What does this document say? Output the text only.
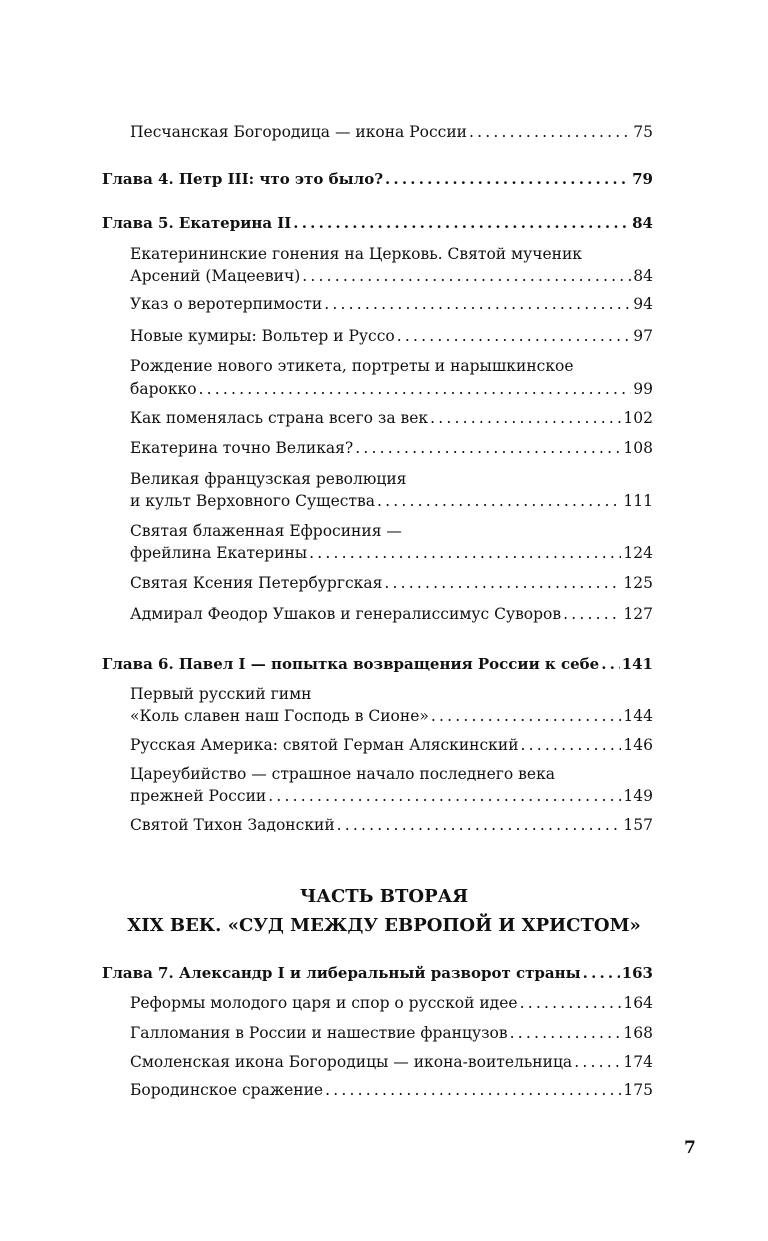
Песчанская Богородица — икона России .....	75
Глава 4. Петр III: что это было? .....	79
Глава 5. Екатерина II .....	84
Екатерининские гонения на Церковь. Святой мученик
Арсений (Мацеевич) .....	84
Указ о веротерпимости .....	94
Новые кумиры: Вольтер и Руссо .....	97
Рождение нового этикета, портреты и нарышкинское
барокко .....	99
Как поменялась страна всего за век .....	102
Екатерина точно Великая? .....	108
Великая французская революция
и культ Верховного Существа .....	111
Святая блаженная Ефросиния —
фрейлина Екатерины .....	124
Святая Ксения Петербургская .....	125
Адмирал Феодор Ушаков и генералиссимус Суворов .....	127
Глава 6. Павел I — попытка возвращения России к себе ..... 141
Первый русский гимн
«Коль славен наш Господь в Сионе» .....	144
Русская Америка: святой Герман Аляскинский .....	146
Цареубийство — страшное начало последнего века
прежней России .....	149
Святой Тихон Задонский .....	157
Глава 7. Александр I и либеральный разворот страны .....	163
Реформы молодого царя и спор о русской идее .....	164
Галломания в России и нашествие французов .....	168
Смоленская икона Богородицы — икона-воительница .....	174
Бородинское сражение .....	175
ЧАСТЬ ВТОРАЯ
XIX ВЕК. «СУД МЕЖДУ ЕВРОПОЙ И ХРИСТОМ»
7
